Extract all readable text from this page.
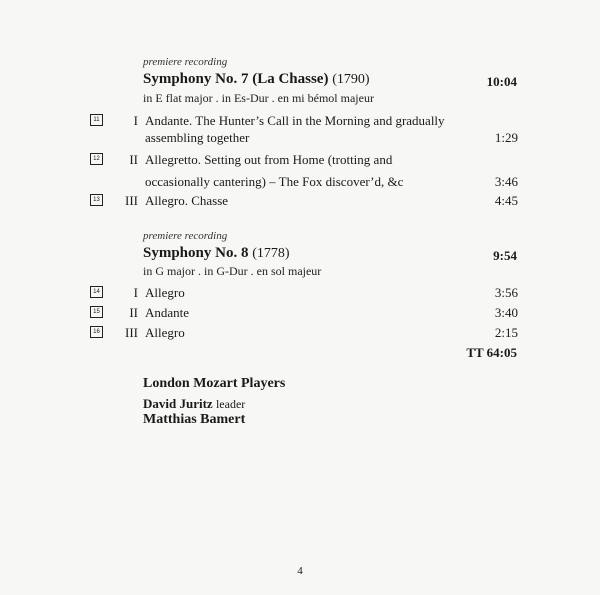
premiere recording
Symphony No. 7 (La Chasse) (1790)	10:04
in E flat major . in Es-Dur . en mi bémol majeur
11	I Andante. The Hunter’s Call in the Morning and gradually
assembling together	1:29
12	II Allegretto. Setting out from Home (trotting and
occasionally cantering) – The Fox discover’d, &c	3:46
13	III Allegro. Chasse	4:45
premiere recording
Symphony No. 8 (1778)	9:54
in G major . in G-Dur . en sol majeur
14	I Allegro	3:56
15	II Andante	3:40
16	III Allegro	2:15
TT 64:05
London Mozart Players
David Juritz leader
Matthias Bamert
4
